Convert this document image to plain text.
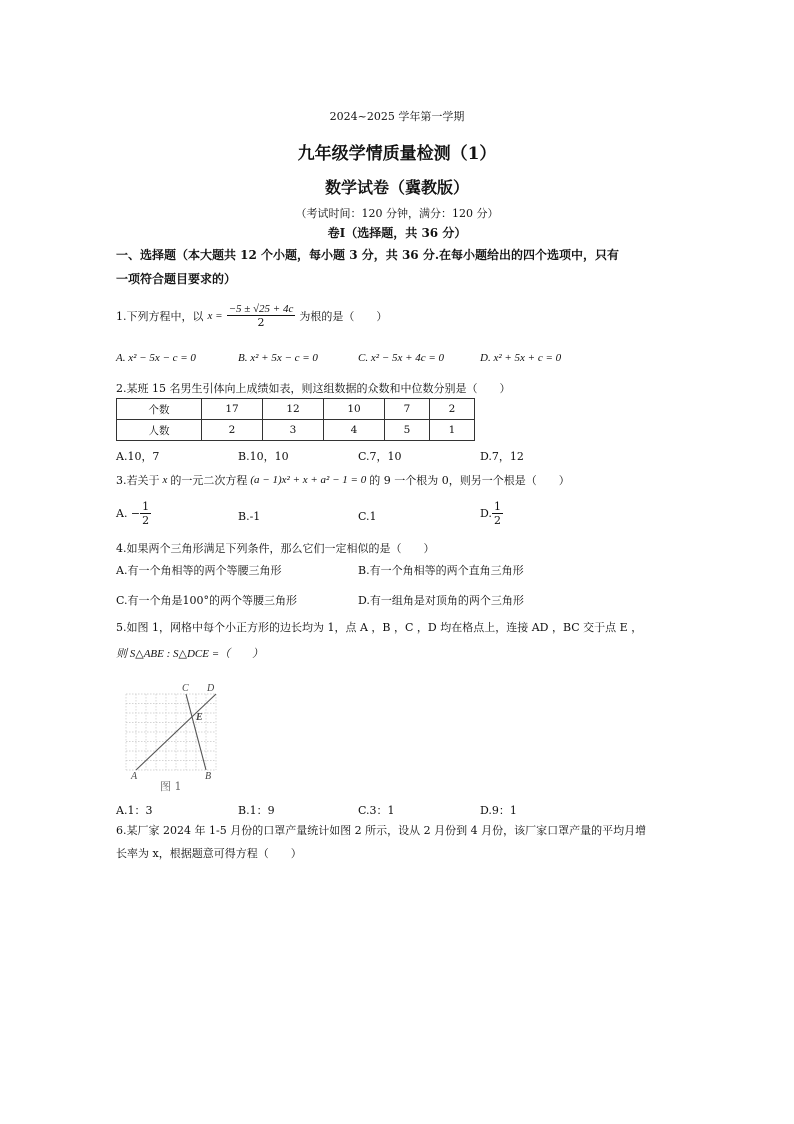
2024~2025 学年第一学期
九年级学情质量检测（1）
数学试卷（冀教版）
（考试时间：120 分钟，满分：120 分）
卷Ⅰ（选择题，共 36 分）
一、选择题（本大题共 12 个小题，每小题 3 分，共 36 分.在每小题给出的四个选项中，只有
一项符合题目要求的）
1.下列方程中，以 $x = \frac{-5 \pm √25 + 4c}{2}$ 为根的是（　　）
A. x² − 5x − c = 0	B. x² + 5x − c = 0	C. x² − 5x + 4c = 0	D. x² + 5x + c = 0
2.某班 15 名男生引体向上成绩如表，则这组数据的众数和中位数分别是（　　）
个数	17	12	10	7	2
人数	2	3	4	5	1
A.10，7	B.10，10	C.7，10	D.7，12
3.若关于 x 的一元二次方程 (a − 1)x² + x + a² − 1 = 0 的 9 一个根为 0，则另一个根是（　　）
A. − $\frac{1}{2}$	B.-1	C.1	D. $\frac{1}{2}$
4.如果两个三角形满足下列条件，那么它们一定相似的是（　　）
A.有一个角相等的两个等腰三角形	B.有一个角相等的两个直角三角形
C.有一个角是100°的两个等腰三角形	D.有一组角是对顶角的两个三角形
5.如图 1，网格中每个小正方形的边长均为 1，点 A ，B ，C ，D 均在格点上，连接 AD ，BC 交于点 E ，
则 S△ABE : S△DCE =（　　）
A	B
C D
E
图 1
A.1：3	B.1：9	C.3：1	D.9：1
6.某厂家 2024 年 1-5 月份的口罩产量统计如图 2 所示，设从 2 月份到 4 月份，该厂家口罩产量的平均月增
长率为 x，根据题意可得方程（　　）
